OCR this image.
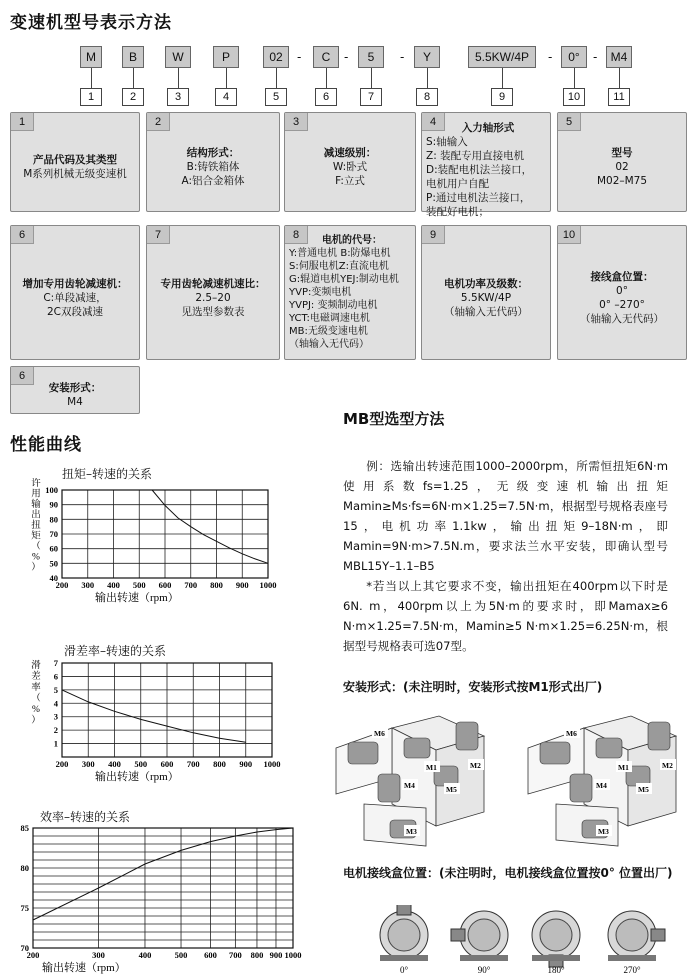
变速机型号表示方法
M
1
B
2
W
3
P
4
02
5
C
6
5
7
Y
8
5.5KW/4P
9
0°
10
M4
11
-	-	-	-	-
1
产品代码及其类型
M系列机械无级变速机
2
结构形式：
B:铸铁箱体
A:铝合金箱体
3
减速级别：
W:卧式
F:立式
4
入力轴形式
S:轴输入
Z: 装配专用直接电机
D:装配电机法兰接口，
电机用户自配
P:通过电机法兰接口，
装配好电机；
5
型号
02
M02–M75
6
增加专用齿轮减速机：
C:单段减速，
2C双段减速
7
专用齿轮减速机速比：
2.5–20
见选型参数表
8	电机的代号：
Y:普通电机 B:防爆电机
S:伺服电机Z:直流电机
G:辊道电机YEJ:制动电机
YVP:变频电机
YVPJ: 变频制动电机
YCT:电磁调速电机
MB:无级变速电机
（轴输入无代码）
9
电机功率及级数：
5.5KW/4P
（轴输入无代码）
10
接线盒位置：
0°
0° –270°
（轴输入无代码）
6
安装形式：
M4
性能曲线
扭矩–转速的关系
滑差率–转速的关系
效率–转速的关系
200 300 400 500 600 700 800 900 1000
100
90
80
70
60
50
40
输出转速（rpm）
许用输出扭矩（%）
200 300 400 500 600 700 800 900 1000
7
6
5
4
3
2
1
输出转速（rpm）
滑差率（%）
200	300	400	500 600 700 800 900 1000
85
80
75
70
输出转速（rpm）
MB型选型方法
例：选输出转速范围1000–2000rpm，所需恒扭矩6N·m使用系数fs=1.25，无级变速机输出扭矩Mamin≥Ms·fs=6N·m×1.25=7.5N·m，根据型号规格表座号15，电机功率1.1kw，输出扭矩9–18N·m，即Mamin=9N·m>7.5N.m，要求法兰水平安装，即确认型号MBL15Y–1.1–B5
*若当以上其它要求不变，输出扭矩在400rpm以下时是6N. m，400rpm以上为5N·m的要求时，即Mamax≥6 N·m×1.25=7.5N·m，Mamin≥5 N·m×1.25=6.25N·m，根据型号规格表可选07型。
安装形式：(未注明时，安装形式按M1形式出厂)
M6
M1	M2
M4	M5
M3
M6
M1	M2
M4	M5
M3
电机接线盒位置：(未注明时，电机接线盒位置按0° 位置出厂)
0°	90°	180°	270°
